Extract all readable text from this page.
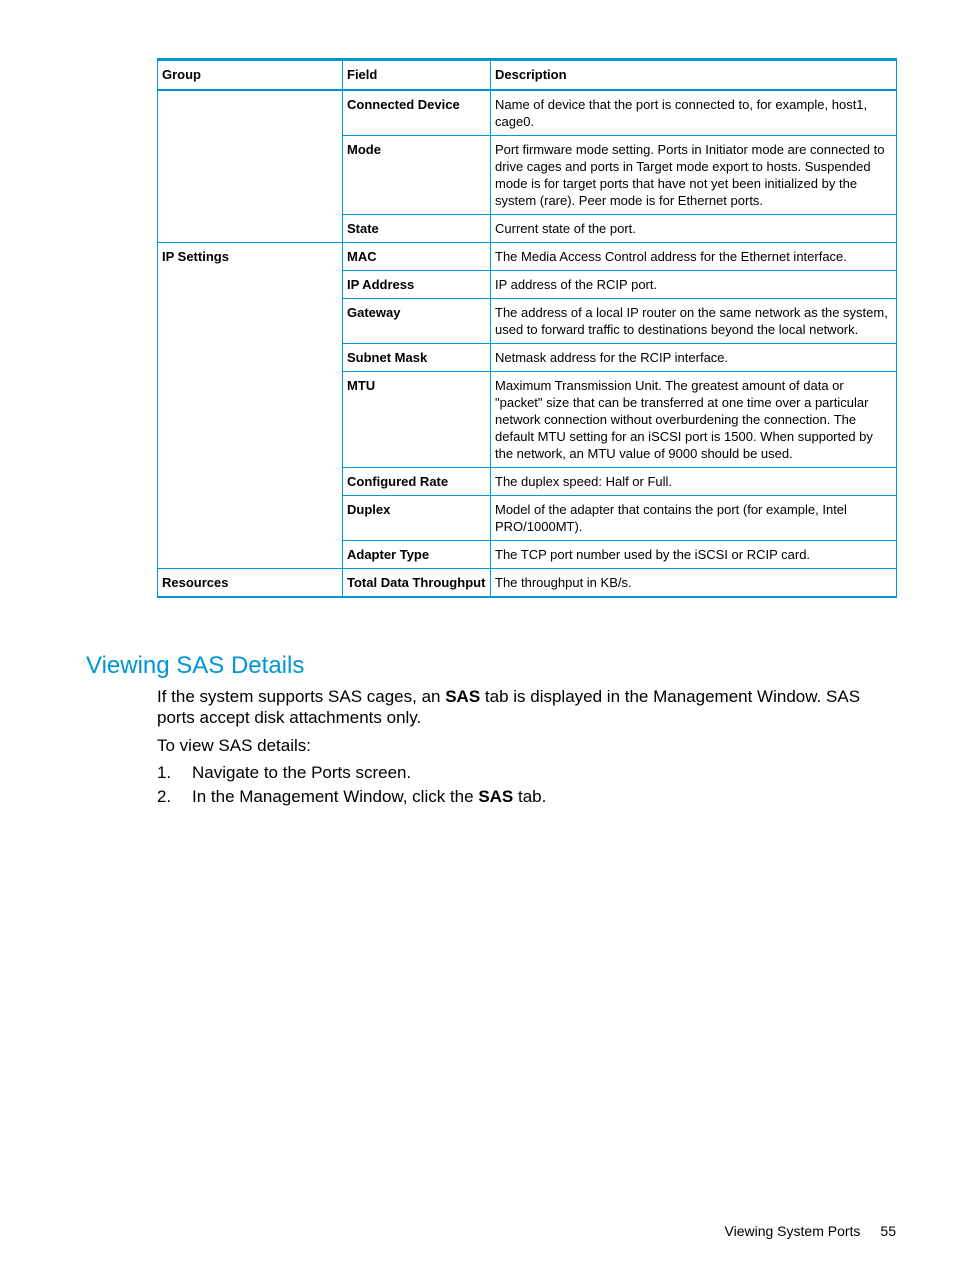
Group	Field	Description
	Connected Device	Name of device that the port is connected to, for example, host1, cage0.
	Mode	Port firmware mode setting. Ports in Initiator mode are connected to drive cages and ports in Target mode export to hosts. Suspended mode is for target ports that have not yet been initialized by the system (rare). Peer mode is for Ethernet ports.
	State	Current state of the port.
IP Settings	MAC	The Media Access Control address for the Ethernet interface.
	IP Address	IP address of the RCIP port.
	Gateway	The address of a local IP router on the same network as the system, used to forward traffic to destinations beyond the local network.
	Subnet Mask	Netmask address for the RCIP interface.
	MTU	Maximum Transmission Unit. The greatest amount of data or "packet" size that can be transferred at one time over a particular network connection without overburdening the connection. The default MTU setting for an iSCSI port is 1500. When supported by the network, an MTU value of 9000 should be used.
	Configured Rate	The duplex speed: Half or Full.
	Duplex	Model of the adapter that contains the port (for example, Intel PRO/1000MT).
	Adapter Type	The TCP port number used by the iSCSI or RCIP card.
Resources	Total Data Throughput	The throughput in KB/s.
Viewing SAS Details

If the system supports SAS cages, an SAS tab is displayed in the Management Window. SAS ports accept disk attachments only.

To view SAS details:

1. Navigate to the Ports screen.
2. In the Management Window, click the SAS tab.
Viewing System Ports 55
